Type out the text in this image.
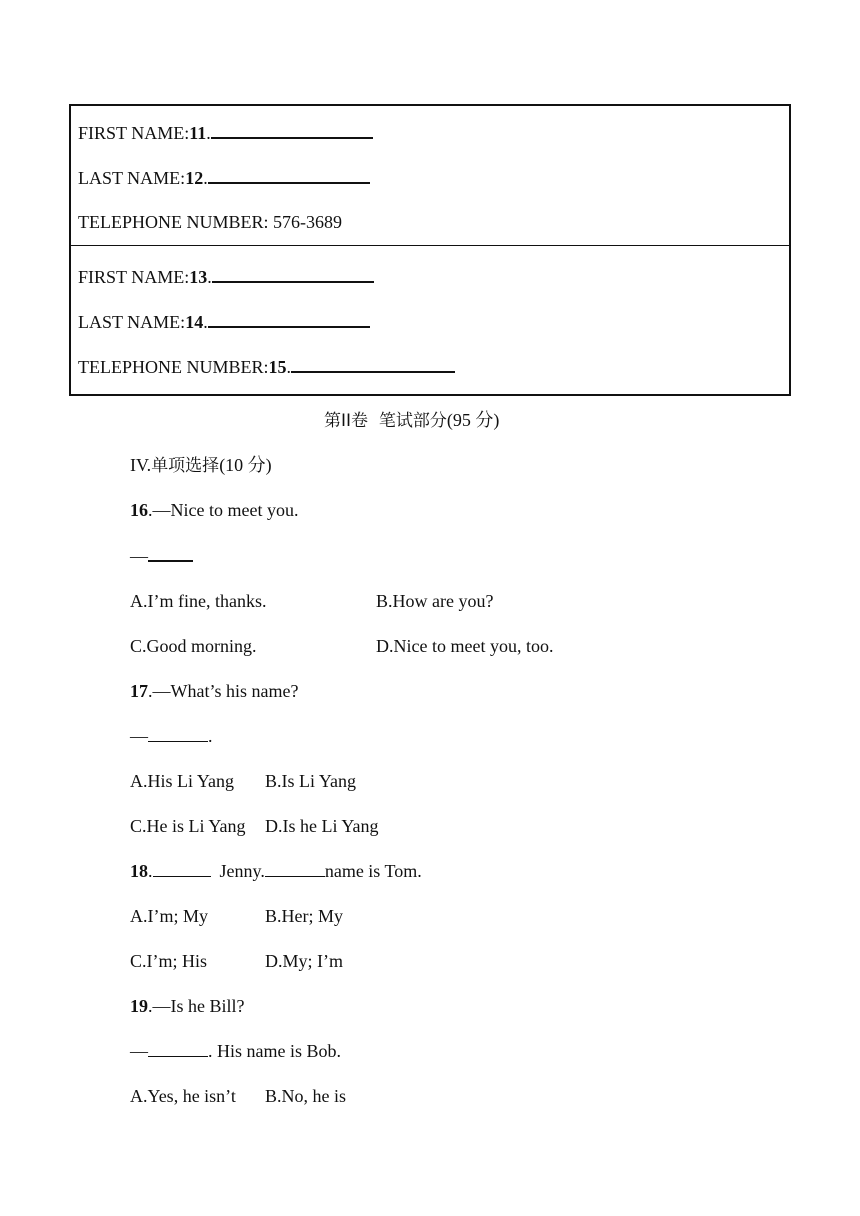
FIRST NAME:11.
LAST NAME:12.
TELEPHONE NUMBER: 576-3689
FIRST NAME:13.
LAST NAME:14.
TELEPHONE NUMBER:15.
第II卷  笔试部分(95 分)
IV.单项选择(10 分)
16.—Nice to meet you.
—
A.I’m fine, thanks.	B.How are you?
C.Good morning.	D.Nice to meet you, too.
17.—What’s his name?
—	.
A.His Li Yang B.Is Li Yang
C.He is Li Yang D.Is he Li Yang
18.	Jenny.	name is Tom.
A.I’m; My	B.Her; My
C.I’m; His	D.My; I’m
19.—Is he Bill?
—	. His name is Bob.
A.Yes, he isn’t B.No, he is
